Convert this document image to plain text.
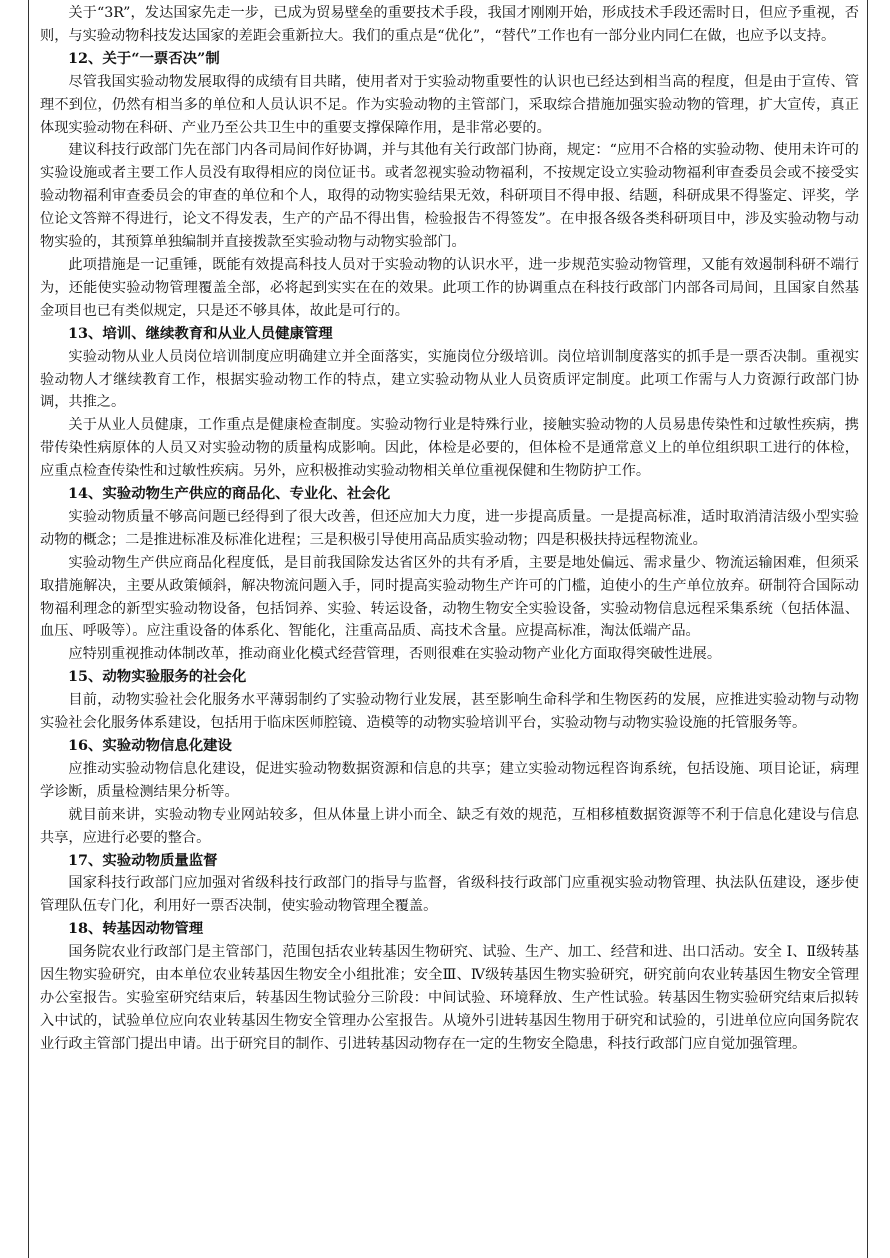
关于“3R”，发达国家先走一步，已成为贸易壁垒的重要技术手段，我国才刚刚开始，形成技术手段还需时日，但应予重视，否则，与实验动物科技发达国家的差距会重新拉大。我们的重点是“优化”，“替代”工作也有一部分业内同仁在做，也应予以支持。

12、关于“一票否决”制

尽管我国实验动物发展取得的成绩有目共睹，使用者对于实验动物重要性的认识也已经达到相当高的程度，但是由于宣传、管理不到位，仍然有相当多的单位和人员认识不足。作为实验动物的主管部门，采取综合措施加强实验动物的管理，扩大宣传，真正体现实验动物在科研、产业乃至公共卫生中的重要支撑保障作用，是非常必要的。

建议科技行政部门先在部门内各司局间作好协调，并与其他有关行政部门协商，规定：“应用不合格的实验动物、使用未许可的实验设施或者主要工作人员没有取得相应的岗位证书。或者忽视实验动物福利，不按规定设立实验动物福利审查委员会或不接受实验动物福利审查委员会的审查的单位和个人，取得的动物实验结果无效，科研项目不得申报、结题，科研成果不得鉴定、评奖，学位论文答辩不得进行，论文不得发表，生产的产品不得出售，检验报告不得签发”。在申报各级各类科研项目中，涉及实验动物与动物实验的，其预算单独编制并直接拨款至实验动物与动物实验部门。

此项措施是一记重锤，既能有效提高科技人员对于实验动物的认识水平，进一步规范实验动物管理，又能有效遏制科研不端行为，还能使实验动物管理覆盖全部，必将起到实实在在的效果。此项工作的协调重点在科技行政部门内部各司局间，且国家自然基金项目也已有类似规定，只是还不够具体，故此是可行的。

13、培训、继续教育和从业人员健康管理

实验动物从业人员岗位培训制度应明确建立并全面落实，实施岗位分级培训。岗位培训制度落实的抓手是一票否决制。重视实验动物人才继续教育工作，根据实验动物工作的特点，建立实验动物从业人员资质评定制度。此项工作需与人力资源行政部门协调，共推之。

关于从业人员健康，工作重点是健康检查制度。实验动物行业是特殊行业，接触实验动物的人员易患传染性和过敏性疾病，携带传染性病原体的人员又对实验动物的质量构成影响。因此，体检是必要的，但体检不是通常意义上的单位组织职工进行的体检，应重点检查传染性和过敏性疾病。另外，应积极推动实验动物相关单位重视保健和生物防护工作。

14、实验动物生产供应的商品化、专业化、社会化

实验动物质量不够高问题已经得到了很大改善，但还应加大力度，进一步提高质量。一是提高标准，适时取消清洁级小型实验动物的概念；二是推进标准及标准化进程；三是积极引导使用高品质实验动物；四是积极扶持远程物流业。

实验动物生产供应商品化程度低，是目前我国除发达省区外的共有矛盾，主要是地处偏远、需求量少、物流运输困难，但须采取措施解决，主要从政策倾斜，解决物流问题入手，同时提高实验动物生产许可的门槛，迫使小的生产单位放弃。研制符合国际动物福利理念的新型实验动物设备，包括饲养、实验、转运设备，动物生物安全实验设备，实验动物信息远程采集系统（包括体温、血压、呼吸等）。应注重设备的体系化、智能化，注重高品质、高技术含量。应提高标准，淘汰低端产品。

应特别重视推动体制改革，推动商业化模式经营管理，否则很难在实验动物产业化方面取得突破性进展。

15、动物实验服务的社会化

目前，动物实验社会化服务水平薄弱制约了实验动物行业发展，甚至影响生命科学和生物医药的发展，应推进实验动物与动物实验社会化服务体系建设，包括用于临床医师腔镜、造模等的动物实验培训平台，实验动物与动物实验设施的托管服务等。

16、实验动物信息化建设

应推动实验动物信息化建设，促进实验动物数据资源和信息的共享；建立实验动物远程咨询系统，包括设施、项目论证，病理学诊断，质量检测结果分析等。

就目前来讲，实验动物专业网站较多，但从体量上讲小而全、缺乏有效的规范，互相移植数据资源等不利于信息化建设与信息共享，应进行必要的整合。

17、实验动物质量监督

国家科技行政部门应加强对省级科技行政部门的指导与监督，省级科技行政部门应重视实验动物管理、执法队伍建设，逐步使管理队伍专门化，利用好一票否决制，使实验动物管理全覆盖。

18、转基因动物管理

国务院农业行政部门是主管部门，范围包括农业转基因生物研究、试验、生产、加工、经营和进、出口活动。安全 Ⅰ、Ⅱ级转基因生物实验研究，由本单位农业转基因生物安全小组批准；安全Ⅲ、Ⅳ级转基因生物实验研究，研究前向农业转基因生物安全管理办公室报告。实验室研究结束后，转基因生物试验分三阶段：中间试验、环境释放、生产性试验。转基因生物实验研究结束后拟转入中试的，试验单位应向农业转基因生物安全管理办公室报告。从境外引进转基因生物用于研究和试验的，引进单位应向国务院农业行政主管部门提出申请。出于研究目的制作、引进转基因动物存在一定的生物安全隐患，科技行政部门应自觉加强管理。
